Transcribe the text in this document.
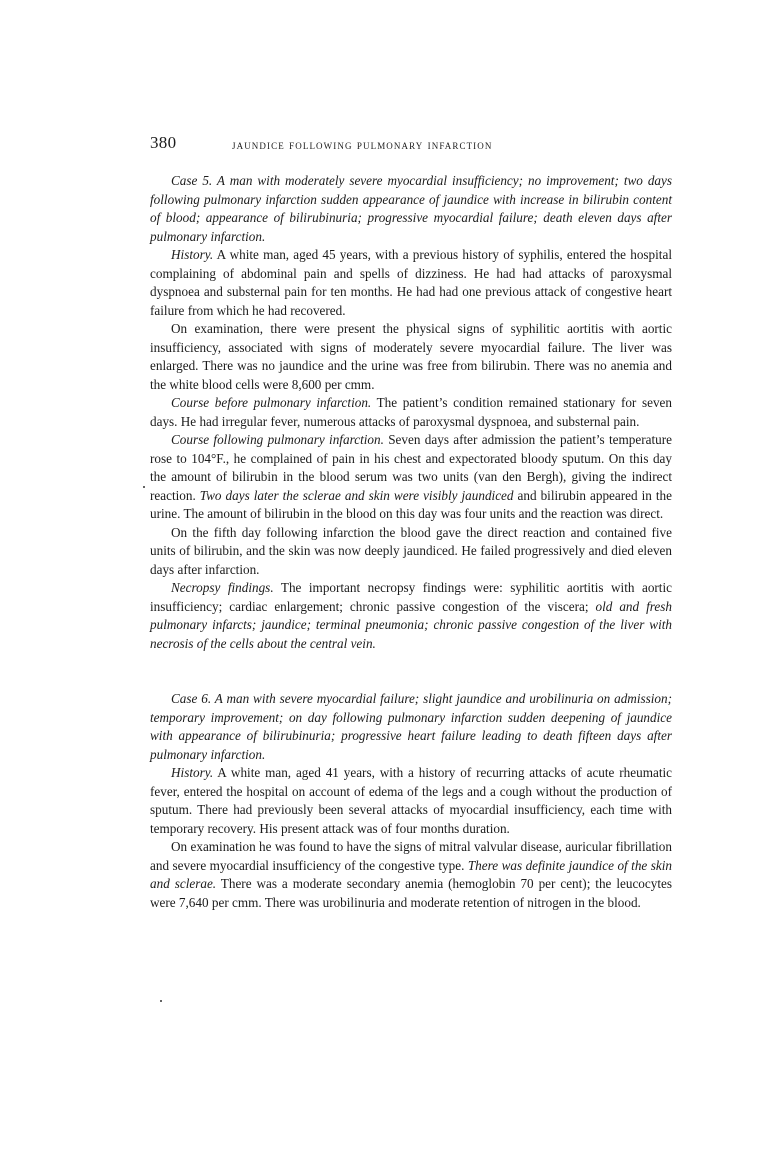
380	jaundice following pulmonary infarction

Case 5. A man with moderately severe myocardial insufficiency; no improvement; two days following pulmonary infarction sudden appearance of jaundice with increase in bilirubin content of blood; appearance of bilirubinuria; progressive myocardial failure; death eleven days after pulmonary infarction.

History. A white man, aged 45 years, with a previous history of syphilis, entered the hospital complaining of abdominal pain and spells of dizziness. He had had attacks of paroxysmal dyspnoea and substernal pain for ten months. He had had one previous attack of congestive heart failure from which he had recovered.

On examination, there were present the physical signs of syphilitic aortitis with aortic insufficiency, associated with signs of moderately severe myocardial failure. The liver was enlarged. There was no jaundice and the urine was free from bilirubin. There was no anemia and the white blood cells were 8,600 per cmm.

Course before pulmonary infarction. The patient’s condition remained stationary for seven days. He had irregular fever, numerous attacks of paroxysmal dyspnoea, and substernal pain.

Course following pulmonary infarction. Seven days after admission the patient’s temperature rose to 104°F., he complained of pain in his chest and expectorated bloody sputum. On this day the amount of bilirubin in the blood serum was two units (van den Bergh), giving the indirect reaction. Two days later the sclerae and skin were visibly jaundiced and bilirubin appeared in the urine. The amount of bilirubin in the blood on this day was four units and the reaction was direct.

On the fifth day following infarction the blood gave the direct reaction and contained five units of bilirubin, and the skin was now deeply jaundiced. He failed progressively and died eleven days after infarction.

Necropsy findings. The important necropsy findings were: syphilitic aortitis with aortic insufficiency; cardiac enlargement; chronic passive congestion of the viscera; old and fresh pulmonary infarcts; jaundice; terminal pneumonia; chronic passive congestion of the liver with necrosis of the cells about the central vein.

Case 6. A man with severe myocardial failure; slight jaundice and urobilinuria on admission; temporary improvement; on day following pulmonary infarction sudden deepening of jaundice with appearance of bilirubinuria; progressive heart failure leading to death fifteen days after pulmonary infarction.

History. A white man, aged 41 years, with a history of recurring attacks of acute rheumatic fever, entered the hospital on account of edema of the legs and a cough without the production of sputum. There had previously been several attacks of myocardial insufficiency, each time with temporary recovery. His present attack was of four months duration.

On examination he was found to have the signs of mitral valvular disease, auricular fibrillation and severe myocardial insufficiency of the congestive type. There was definite jaundice of the skin and sclerae. There was a moderate secondary anemia (hemoglobin 70 per cent); the leucocytes were 7,640 per cmm. There was urobilinuria and moderate retention of nitrogen in the blood.
